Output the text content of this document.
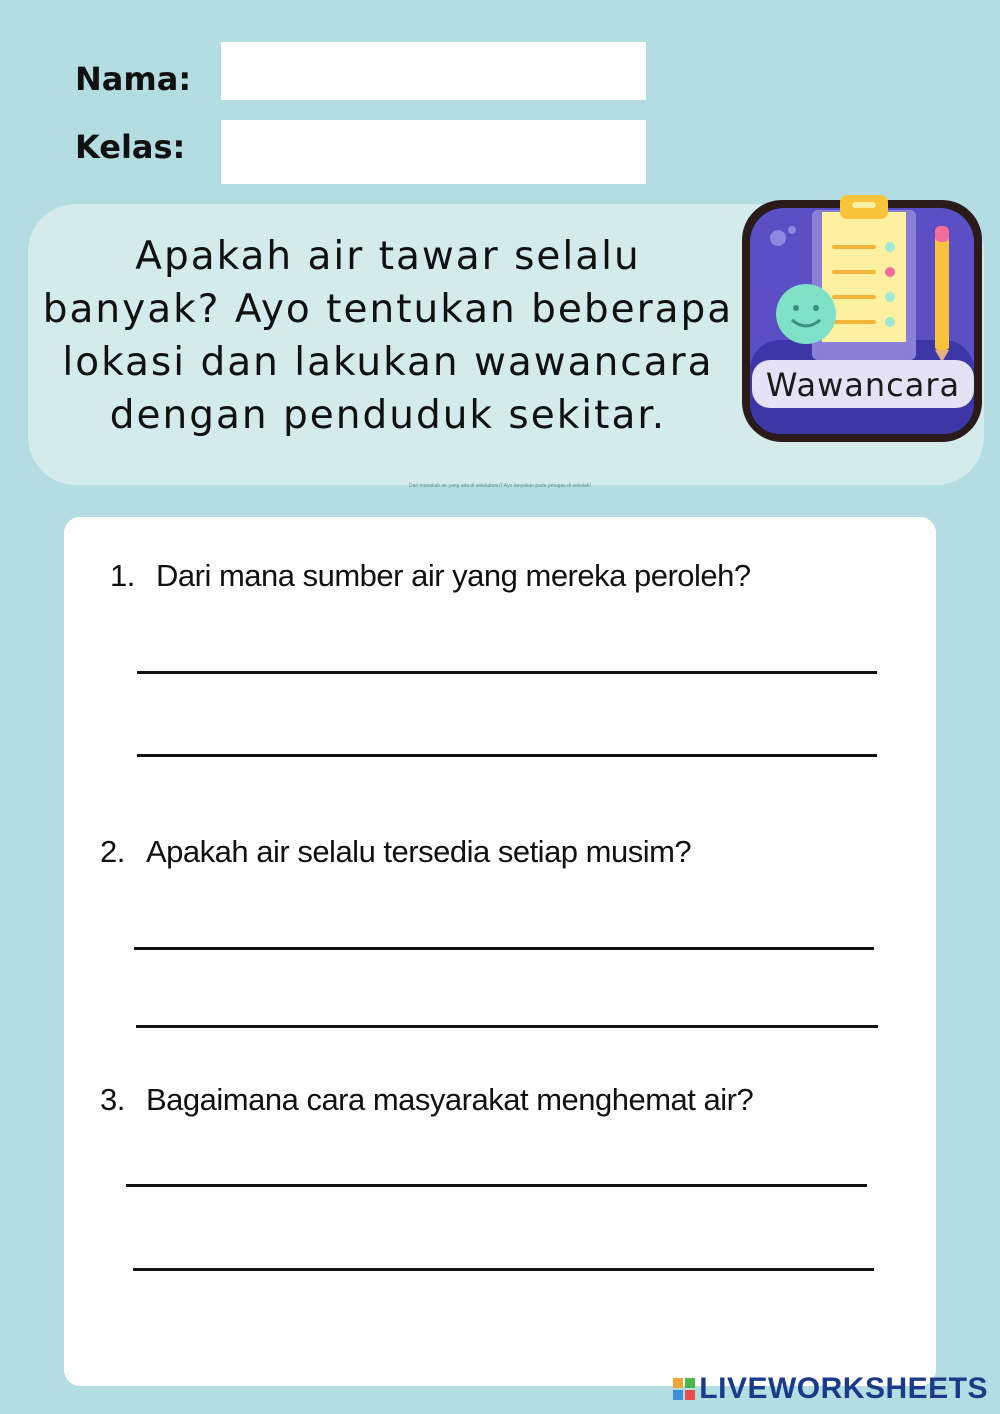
Nama:
Kelas:
Apakah air tawar selalu
banyak? Ayo tentukan beberapa
lokasi dan lakukan wawancara
dengan penduduk sekitar.
Wawancara
Dari manakah air yang ada di sekolahmu? Ayo tanyakan pada petugas di sekolah!
1. Dari mana sumber air yang mereka peroleh?
2. Apakah air selalu tersedia setiap musim?
3. Bagaimana cara masyarakat menghemat air?
LIVEWORKSHEETS
